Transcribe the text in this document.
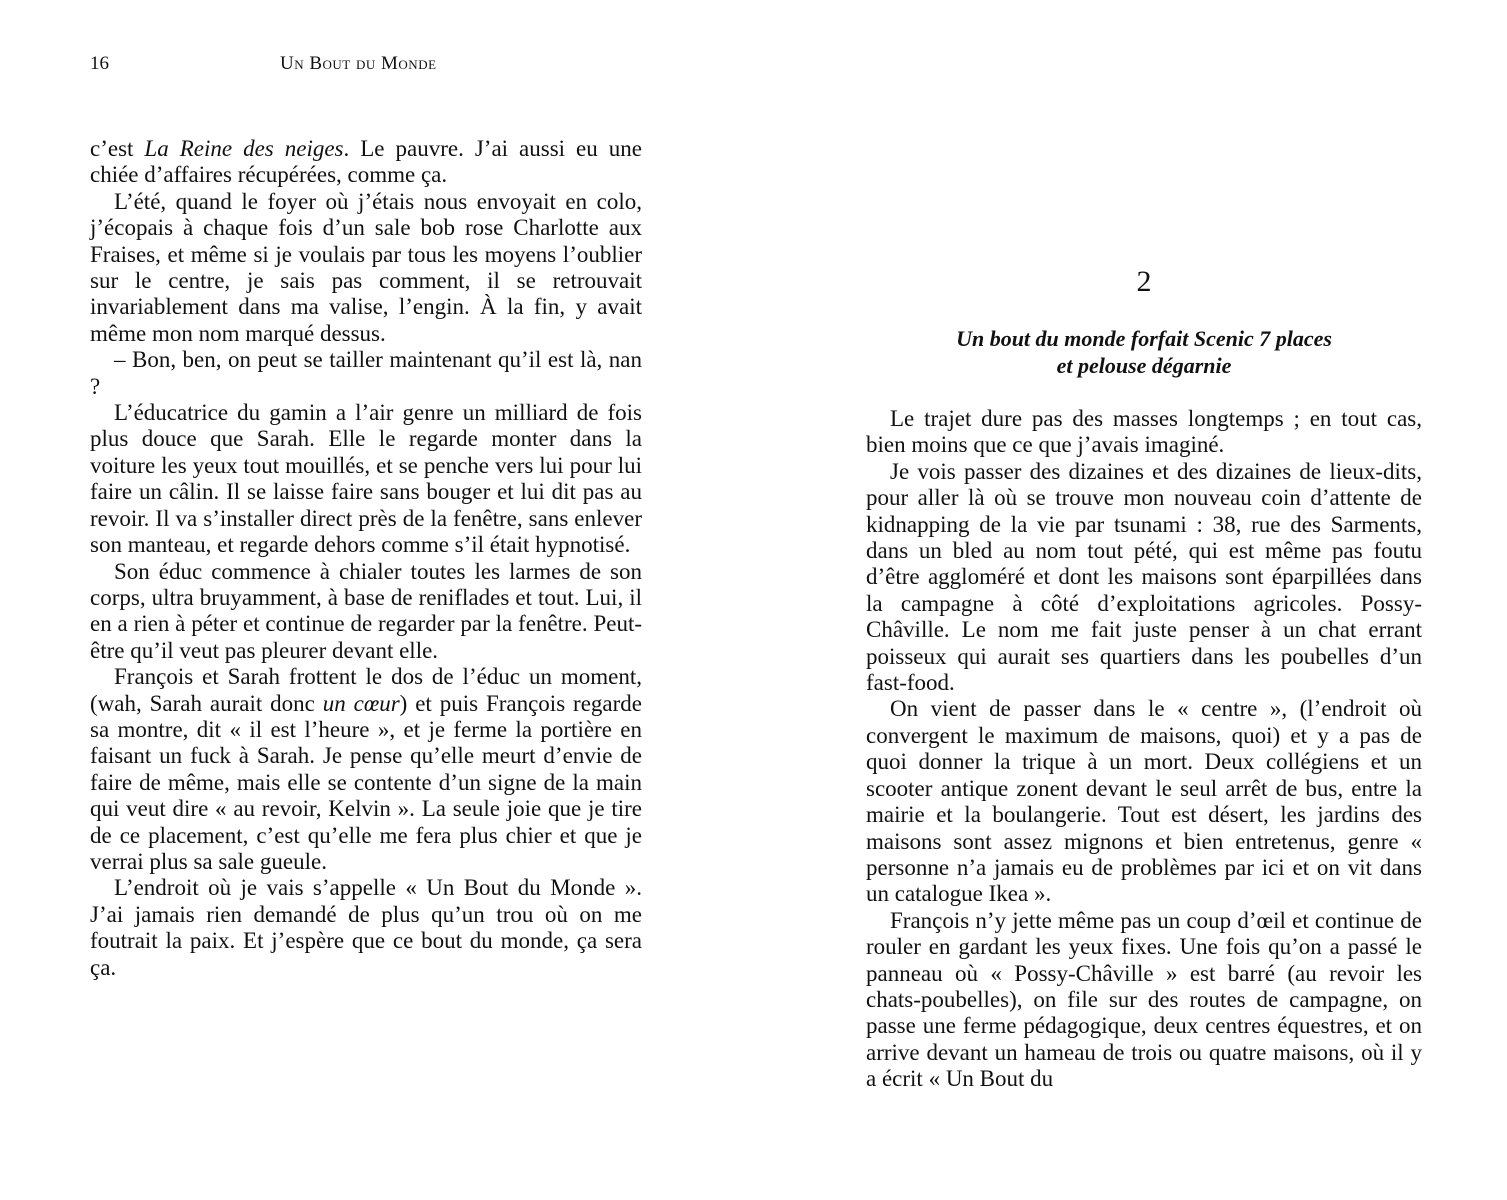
16	Un Bout du Monde

c’est La Reine des neiges. Le pauvre. J’ai aussi eu une chiée d’affaires récupérées, comme ça.

L’été, quand le foyer où j’étais nous envoyait en colo, j’écopais à chaque fois d’un sale bob rose Charlotte aux Fraises, et même si je voulais par tous les moyens l’oublier sur le centre, je sais pas comment, il se retrouvait invariablement dans ma valise, l’engin. À la fin, y avait même mon nom marqué dessus.

– Bon, ben, on peut se tailler maintenant qu’il est là, nan ?

L’éducatrice du gamin a l’air genre un milliard de fois plus douce que Sarah. Elle le regarde monter dans la voiture les yeux tout mouillés, et se penche vers lui pour lui faire un câlin. Il se laisse faire sans bouger et lui dit pas au revoir. Il va s’installer direct près de la fenêtre, sans enlever son manteau, et regarde dehors comme s’il était hypnotisé.

Son éduc commence à chialer toutes les larmes de son corps, ultra bruyamment, à base de reniflades et tout. Lui, il en a rien à péter et continue de regarder par la fenêtre. Peut-être qu’il veut pas pleurer devant elle.

François et Sarah frottent le dos de l’éduc un moment, (wah, Sarah aurait donc un cœur) et puis François regarde sa montre, dit « il est l’heure », et je ferme la portière en faisant un fuck à Sarah. Je pense qu’elle meurt d’envie de faire de même, mais elle se contente d’un signe de la main qui veut dire « au revoir, Kelvin ». La seule joie que je tire de ce placement, c’est qu’elle me fera plus chier et que je verrai plus sa sale gueule.

L’endroit où je vais s’appelle « Un Bout du Monde ». J’ai jamais rien demandé de plus qu’un trou où on me foutrait la paix. Et j’espère que ce bout du monde, ça sera ça.

2
Un bout du monde forfait Scenic 7 places
et pelouse dégarnie

Le trajet dure pas des masses longtemps ; en tout cas, bien moins que ce que j’avais imaginé.

Je vois passer des dizaines et des dizaines de lieux-dits, pour aller là où se trouve mon nouveau coin d’attente de kidnapping de la vie par tsunami : 38, rue des Sarments, dans un bled au nom tout pété, qui est même pas foutu d’être aggloméré et dont les maisons sont éparpillées dans la campagne à côté d’exploitations agricoles. Possy-Châville. Le nom me fait juste penser à un chat errant poisseux qui aurait ses quartiers dans les poubelles d’un fast-food.

On vient de passer dans le « centre », (l’endroit où convergent le maximum de maisons, quoi) et y a pas de quoi donner la trique à un mort. Deux collégiens et un scooter antique zonent devant le seul arrêt de bus, entre la mairie et la boulangerie. Tout est désert, les jardins des maisons sont assez mignons et bien entretenus, genre « personne n’a jamais eu de problèmes par ici et on vit dans un catalogue Ikea ».

François n’y jette même pas un coup d’œil et continue de rouler en gardant les yeux fixes. Une fois qu’on a passé le panneau où « Possy-Châville » est barré (au revoir les chats-poubelles), on file sur des routes de campagne, on passe une ferme pédagogique, deux centres équestres, et on arrive devant un hameau de trois ou quatre maisons, où il y a écrit « Un Bout du
